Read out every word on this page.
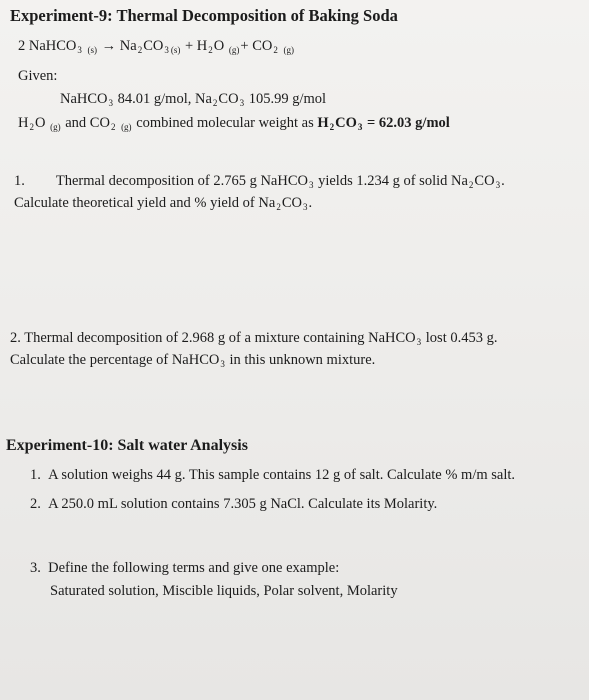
Experiment-9: Thermal Decomposition of Baking Soda
2 NaHCO$_3$ $_{(s)} \to Na_2CO_3$ $_{(s)} + H_2O$ $_{(g)}+ CO_2$ $_{(g)}$
Given:
NaHCO$_3$ 84.01 g/mol, $Na_2CO_3$ 105.99 g/mol
$H_2O$ $_{(g)}$ and $CO_2$ $_{(g)}$ combined molecular weight as $H_2CO_3 = 62.03$ g/mol
1. Thermal decomposition of 2.765 g NaHCO$_3$ yields 1.234 g of solid $Na_2CO_3$.
Calculate theoretical yield and % yield of $Na_2CO_3$.
2. Thermal decomposition of 2.968 g of a mixture containing NaHCO$_3$ lost 0.453 g.
Calculate the percentage of NaHCO$_3$ in this unknown mixture.
Experiment-10: Salt water Analysis
1. A solution weighs 44 g. This sample contains 12 g of salt. Calculate % m/m salt.
2. A 250.0 mL solution contains 7.305 g NaCl. Calculate its Molarity.
3. Define the following terms and give one example:
Saturated solution, Miscible liquids, Polar solvent, Molarity
